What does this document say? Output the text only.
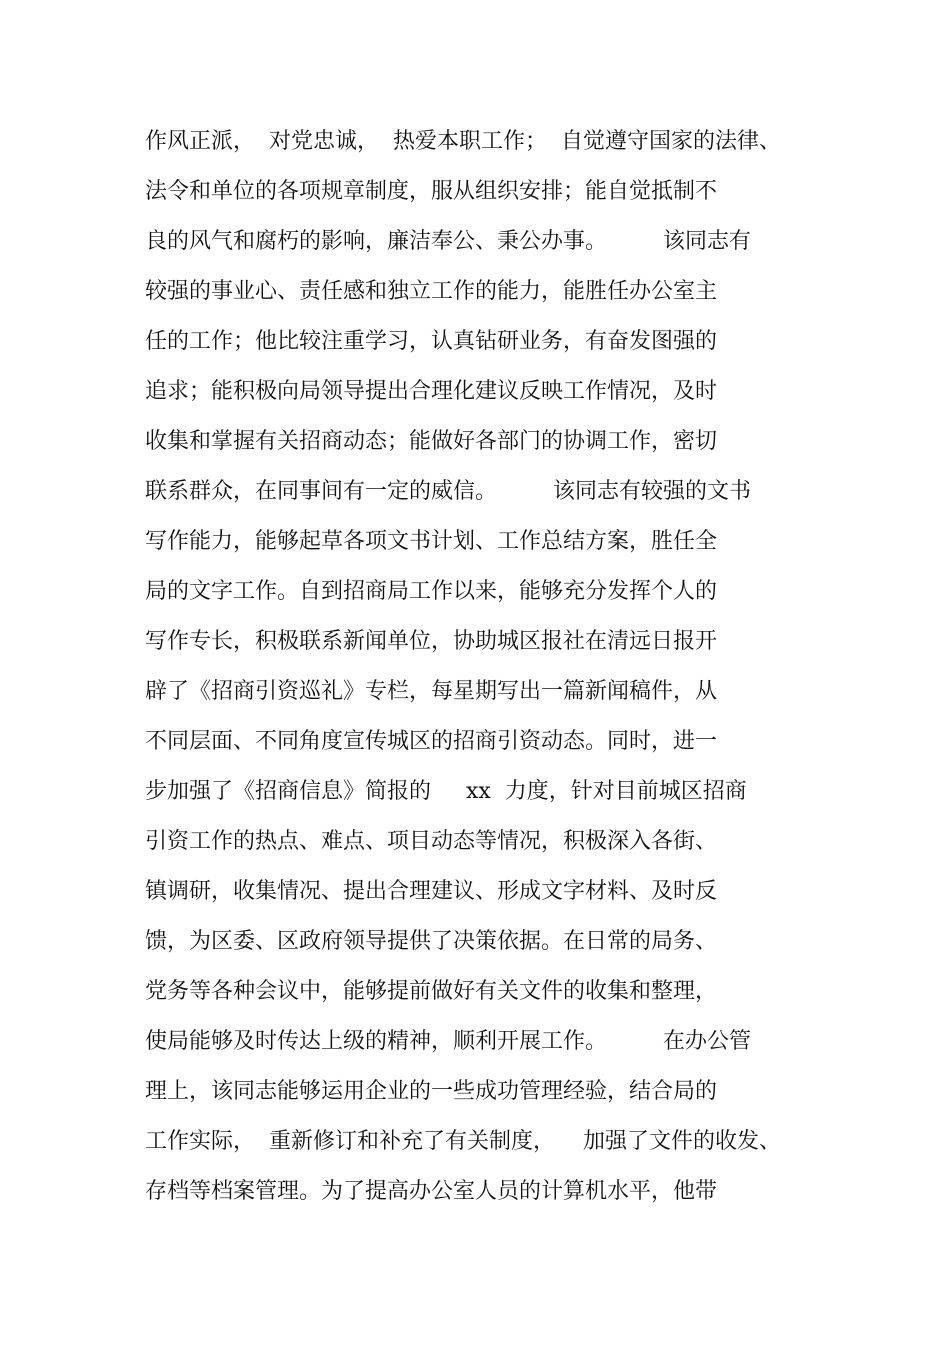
作风正派，  对党忠诚，  热爱本职工作；  自觉遵守国家的法律、
法令和单位的各项规章制度，服从组织安排；能自觉抵制不
良的风气和腐朽的影响，廉洁奉公、秉公办事。        该同志有
较强的事业心、责任感和独立工作的能力，能胜任办公室主
任的工作；他比较注重学习，认真钻研业务，有奋发图强的
追求；能积极向局领导提出合理化建议反映工作情况，及时
收集和掌握有关招商动态；能做好各部门的协调工作，密切
联系群众，在同事间有一定的威信。        该同志有较强的文书
写作能力，能够起草各项文书计划、工作总结方案，胜任全
局的文字工作。自到招商局工作以来，能够充分发挥个人的
写作专长，积极联系新闻单位，协助城区报社在清远日报开
辟了《招商引资巡礼》专栏，每星期写出一篇新闻稿件，从
不同层面、不同角度宣传城区的招商引资动态。同时，进一
步加强了《招商信息》简报的     xx  力度，针对目前城区招商
引资工作的热点、难点、项目动态等情况，积极深入各街、
镇调研，收集情况、提出合理建议、形成文字材料、及时反
馈，为区委、区政府领导提供了决策依据。在日常的局务、
党务等各种会议中，能够提前做好有关文件的收集和整理，
使局能够及时传达上级的精神，顺利开展工作。        在办公管
理上，该同志能够运用企业的一些成功管理经验，结合局的
工作实际，  重新修订和补充了有关制度，    加强了文件的收发、
存档等档案管理。为了提高办公室人员的计算机水平，他带
